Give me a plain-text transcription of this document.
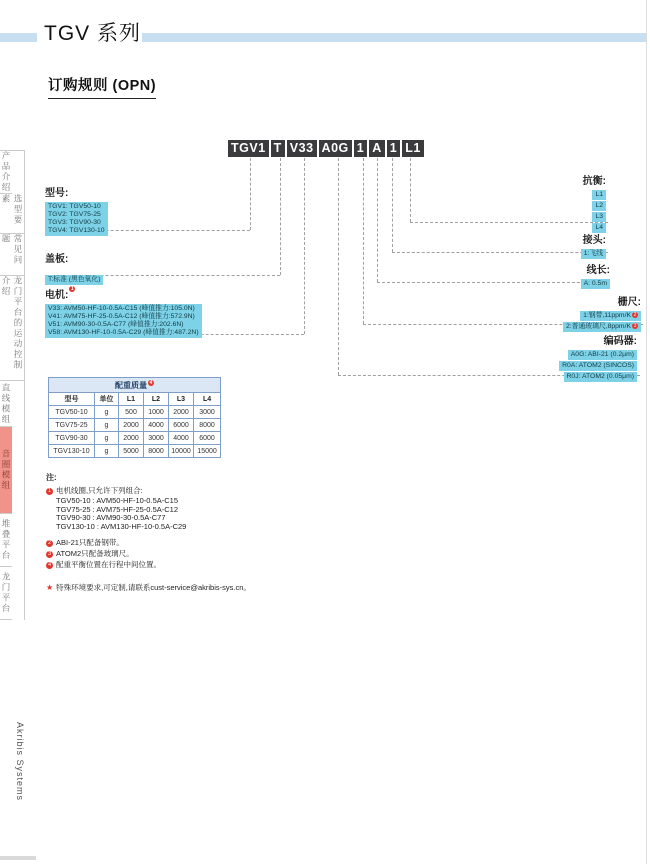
TGV 系列
订购规则 (OPN)
产品介绍
选型要素
常见问题
龙门平台的运动控制介绍
直线模组
音圈模组
堆叠平台
龙门平台
Akribis Systems
TGV1 T V33 A0G 1 A 1 L1
型号:
TGV1: TGV50-10
TGV2: TGV75-25
TGV3: TGV90-30
TGV4: TGV130-10
盖板:
T:标准 (黑色氧化)
电机:1
V33: AVM50-HF-10-0.5A-C15 (峰值推力:105.0N)
V41: AVM75-HF-25-0.5A-C12 (峰值推力:572.9N)
V51: AVM90-30-0.5A-C77 (峰值推力:202.6N)
V58: AVM130-HF-10-0.5A-C29 (峰值推力:487.2N)
抗衡:
L1
L2
L3
L4
接头:
1:飞线
线长:
A: 0.5m
栅尺:
1:钢带,11ppm/K 2
2:普通玻璃尺,8ppm/K 3
编码器:
A0G: ABI-21 (0.2μm)
R0A: ATOM2 (SINCOS)
R0J: ATOM2 (0.05μm)
配重质量 4					
型号	单位	L1	L2	L3	L4
TGV50-10	g	500	1000	2000	3000
TGV75-25	g	2000	4000	6000	8000
TGV90-30	g	2000	3000	4000	6000
TGV130-10	g	5000	8000	10000	15000
注:
1 电机线圈,只允许下列组合:
TGV50-10 : AVM50-HF-10-0.5A-C15
TGV75-25 : AVM75-HF-25-0.5A-C12
TGV90-30 : AVM90-30-0.5A-C77
TGV130-10 : AVM130-HF-10-0.5A-C29
2 ABI-21只配备钢带。
3 ATOM2只配备玻璃尺。
4 配重平衡位置在行程中间位置。
★ 特殊环境要求,可定制,请联系cust-service@akribis-sys.cn。
